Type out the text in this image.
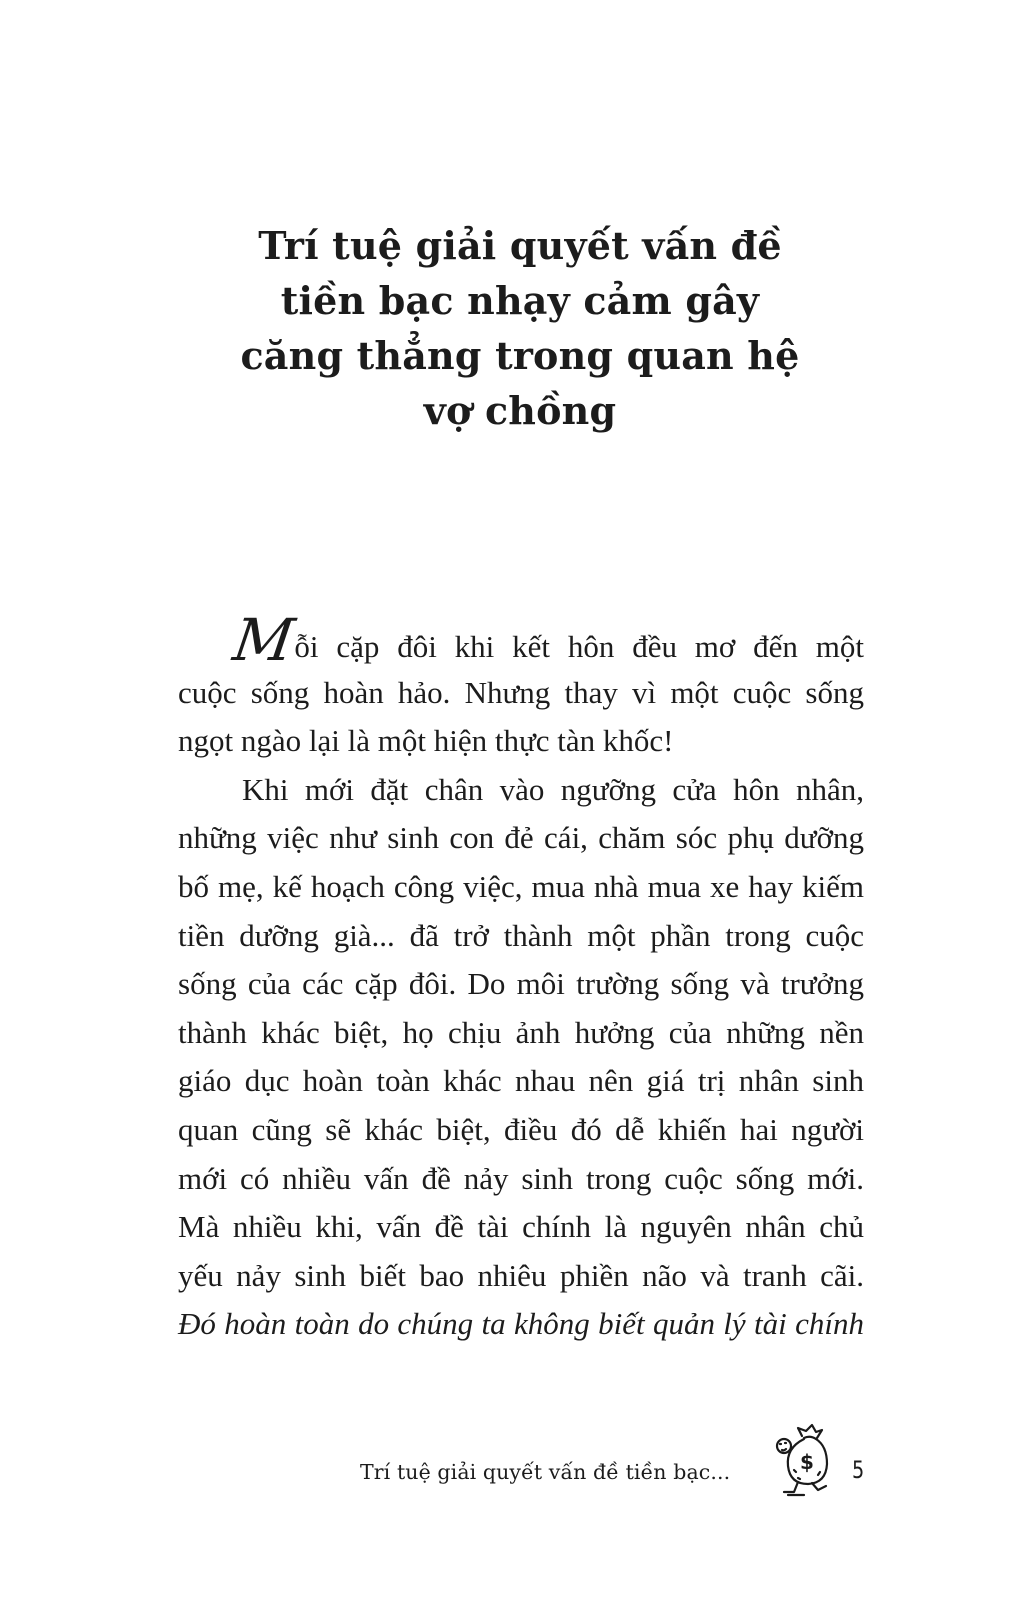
Trí tuệ giải quyết vấn đề
tiền bạc nhạy cảm gây
căng thẳng trong quan hệ
vợ chồng
Mỗi cặp đôi khi kết hôn đều mơ đến một
cuộc sống hoàn hảo. Nhưng thay vì một cuộc sống
ngọt ngào lại là một hiện thực tàn khốc!
Khi mới đặt chân vào ngưỡng cửa hôn nhân,
những việc như sinh con đẻ cái, chăm sóc phụ dưỡng
bố mẹ, kế hoạch công việc, mua nhà mua xe hay kiếm
tiền dưỡng già... đã trở thành một phần trong cuộc
sống của các cặp đôi. Do môi trường sống và trưởng
thành khác biệt, họ chịu ảnh hưởng của những nền
giáo dục hoàn toàn khác nhau nên giá trị nhân sinh
quan cũng sẽ khác biệt, điều đó dễ khiến hai người
mới có nhiều vấn đề nảy sinh trong cuộc sống mới.
Mà nhiều khi, vấn đề tài chính là nguyên nhân chủ
yếu nảy sinh biết bao nhiêu phiền não và tranh cãi.
Đó hoàn toàn do chúng ta không biết quản lý tài chính
Trí tuệ giải quyết vấn đề tiền bạc...	$ 5
